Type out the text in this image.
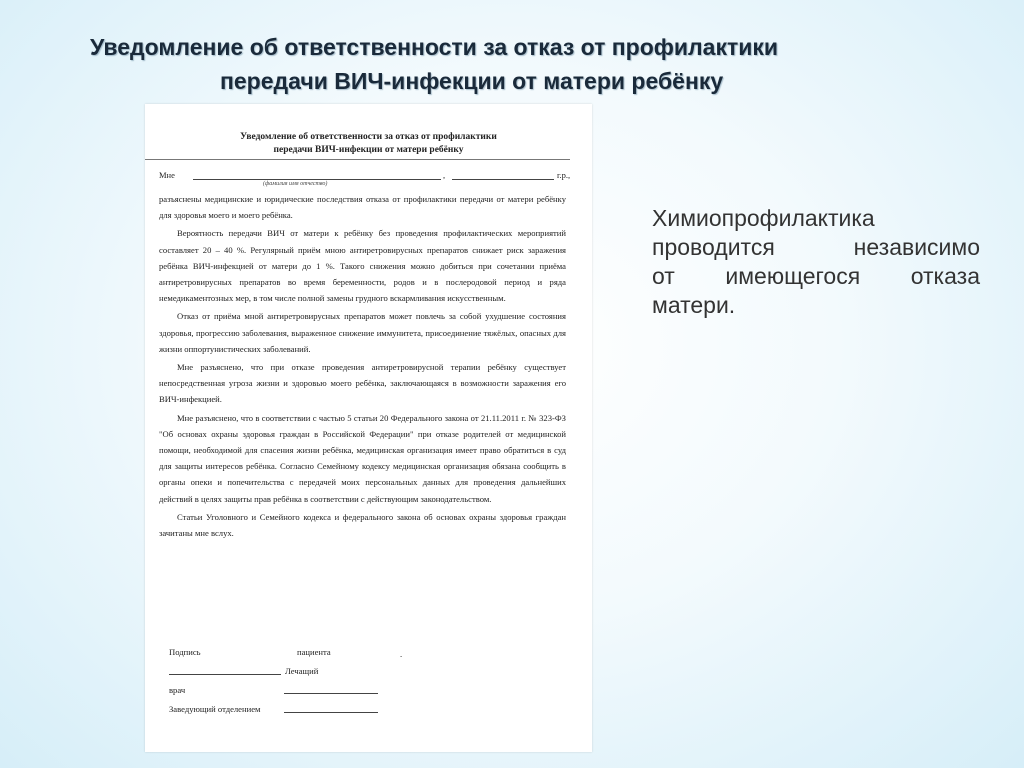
Уведомление об ответственности за отказ от профилактики
передачи ВИЧ-инфекции от матери ребёнку
Уведомление об ответственности за отказ от профилактики
передачи ВИЧ-инфекции от матери ребёнку
Мне	,	г.р.,
(фамилия имя отчество)

разъяснены медицинские и юридические последствия отказа от профилактики передачи от матери ребёнку для здоровья моего и моего ребёнка.

Вероятность передачи ВИЧ от матери к ребёнку без проведения профилактических мероприятий составляет 20 – 40 %. Регулярный приём мною антиретровирусных препаратов снижает риск заражения ребёнка ВИЧ-инфекцией от матери до 1 %. Такого снижения можно добиться при сочетании приёма антиретровирусных препаратов во время беременности, родов и в послеродовой период и ряда немедикаментозных мер, в том числе полной замены грудного вскармливания искусственным.

Отказ от приёма мной антиретровирусных препаратов может повлечь за собой ухудшение состояния здоровья, прогрессию заболевания, выраженное снижение иммунитета, присоединение тяжёлых, опасных для жизни оппортунистических заболеваний.

Мне разъяснено, что при отказе проведения антиретровирусной терапии ребёнку существует непосредственная угроза жизни и здоровью моего ребёнка, заключающаяся в возможности заражения его ВИЧ-инфекцией.

Мне разъяснено, что в соответствии с частью 5 статьи 20 Федерального закона от 21.11.2011 г. № 323-ФЗ "Об основах охраны здоровья граждан в Российской Федерации" при отказе родителей от медицинской помощи, необходимой для спасения жизни ребёнка, медицинская организация имеет право обратиться в суд для защиты интересов ребёнка. Согласно Семейному кодексу медицинская организация обязана сообщить в органы опеки и попечительства с передачей моих персональных данных для проведения дальнейших действий в целях защиты прав ребёнка в соответствии с действующим законодательством.

Статьи Уголовного и Семейного кодекса и федерального закона об основах охраны здоровья граждан зачитаны мне вслух.

Подпись	пациента	.
Лечащий
врач
Заведующий отделением
Химиопрофилактика
проводится независимо
от имеющегося отказа
матери.
